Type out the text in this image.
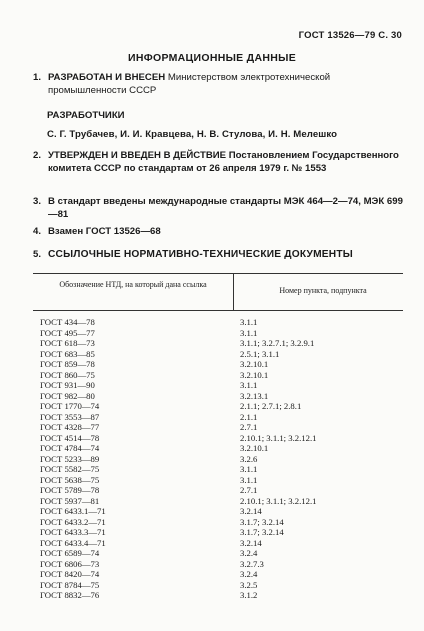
ГОСТ 13526—79 С. 30
ИНФОРМАЦИОННЫЕ ДАННЫЕ
1. РАЗРАБОТАН И ВНЕСЕН Министерством электротехнической промышленности СССР
РАЗРАБОТЧИКИ
С. Г. Трубачев, И. И. Кравцева, Н. В. Стулова, И. Н. Мелешко
2. УТВЕРЖДЕН И ВВЕДЕН В ДЕЙСТВИЕ Постановлением Государственного комитета СССР по стандартам от 26 апреля 1979 г. № 1553
3. В стандарт введены международные стандарты МЭК 464—2—74, МЭК 699—81
4. Взамен ГОСТ 13526—68
5. ССЫЛОЧНЫЕ НОРМАТИВНО-ТЕХНИЧЕСКИЕ ДОКУМЕНТЫ
Обозначение НТД, на который дана ссылка
Номер пункта, подпункта
ГОСТ 434—78	3.1.1
ГОСТ 495—77	3.1.1
ГОСТ 618—73	3.1.1; 3.2.7.1; 3.2.9.1
ГОСТ 683—85	2.5.1; 3.1.1
ГОСТ 859—78	3.2.10.1
ГОСТ 860—75	3.2.10.1
ГОСТ 931—90	3.1.1
ГОСТ 982—80	3.2.13.1
ГОСТ 1770—74	2.1.1; 2.7.1; 2.8.1
ГОСТ 3553—87	2.1.1
ГОСТ 4328—77	2.7.1
ГОСТ 4514—78	2.10.1; 3.1.1; 3.2.12.1
ГОСТ 4784—74	3.2.10.1
ГОСТ 5233—89	3.2.6
ГОСТ 5582—75	3.1.1
ГОСТ 5638—75	3.1.1
ГОСТ 5789—78	2.7.1
ГОСТ 5937—81	2.10.1; 3.1.1; 3.2.12.1
ГОСТ 6433.1—71	3.2.14
ГОСТ 6433.2—71	3.1.7; 3.2.14
ГОСТ 6433.3—71	3.1.7; 3.2.14
ГОСТ 6433.4—71	3.2.14
ГОСТ 6589—74	3.2.4
ГОСТ 6806—73	3.2.7.3
ГОСТ 8420—74	3.2.4
ГОСТ 8784—75	3.2.5
ГОСТ 8832—76	3.1.2
